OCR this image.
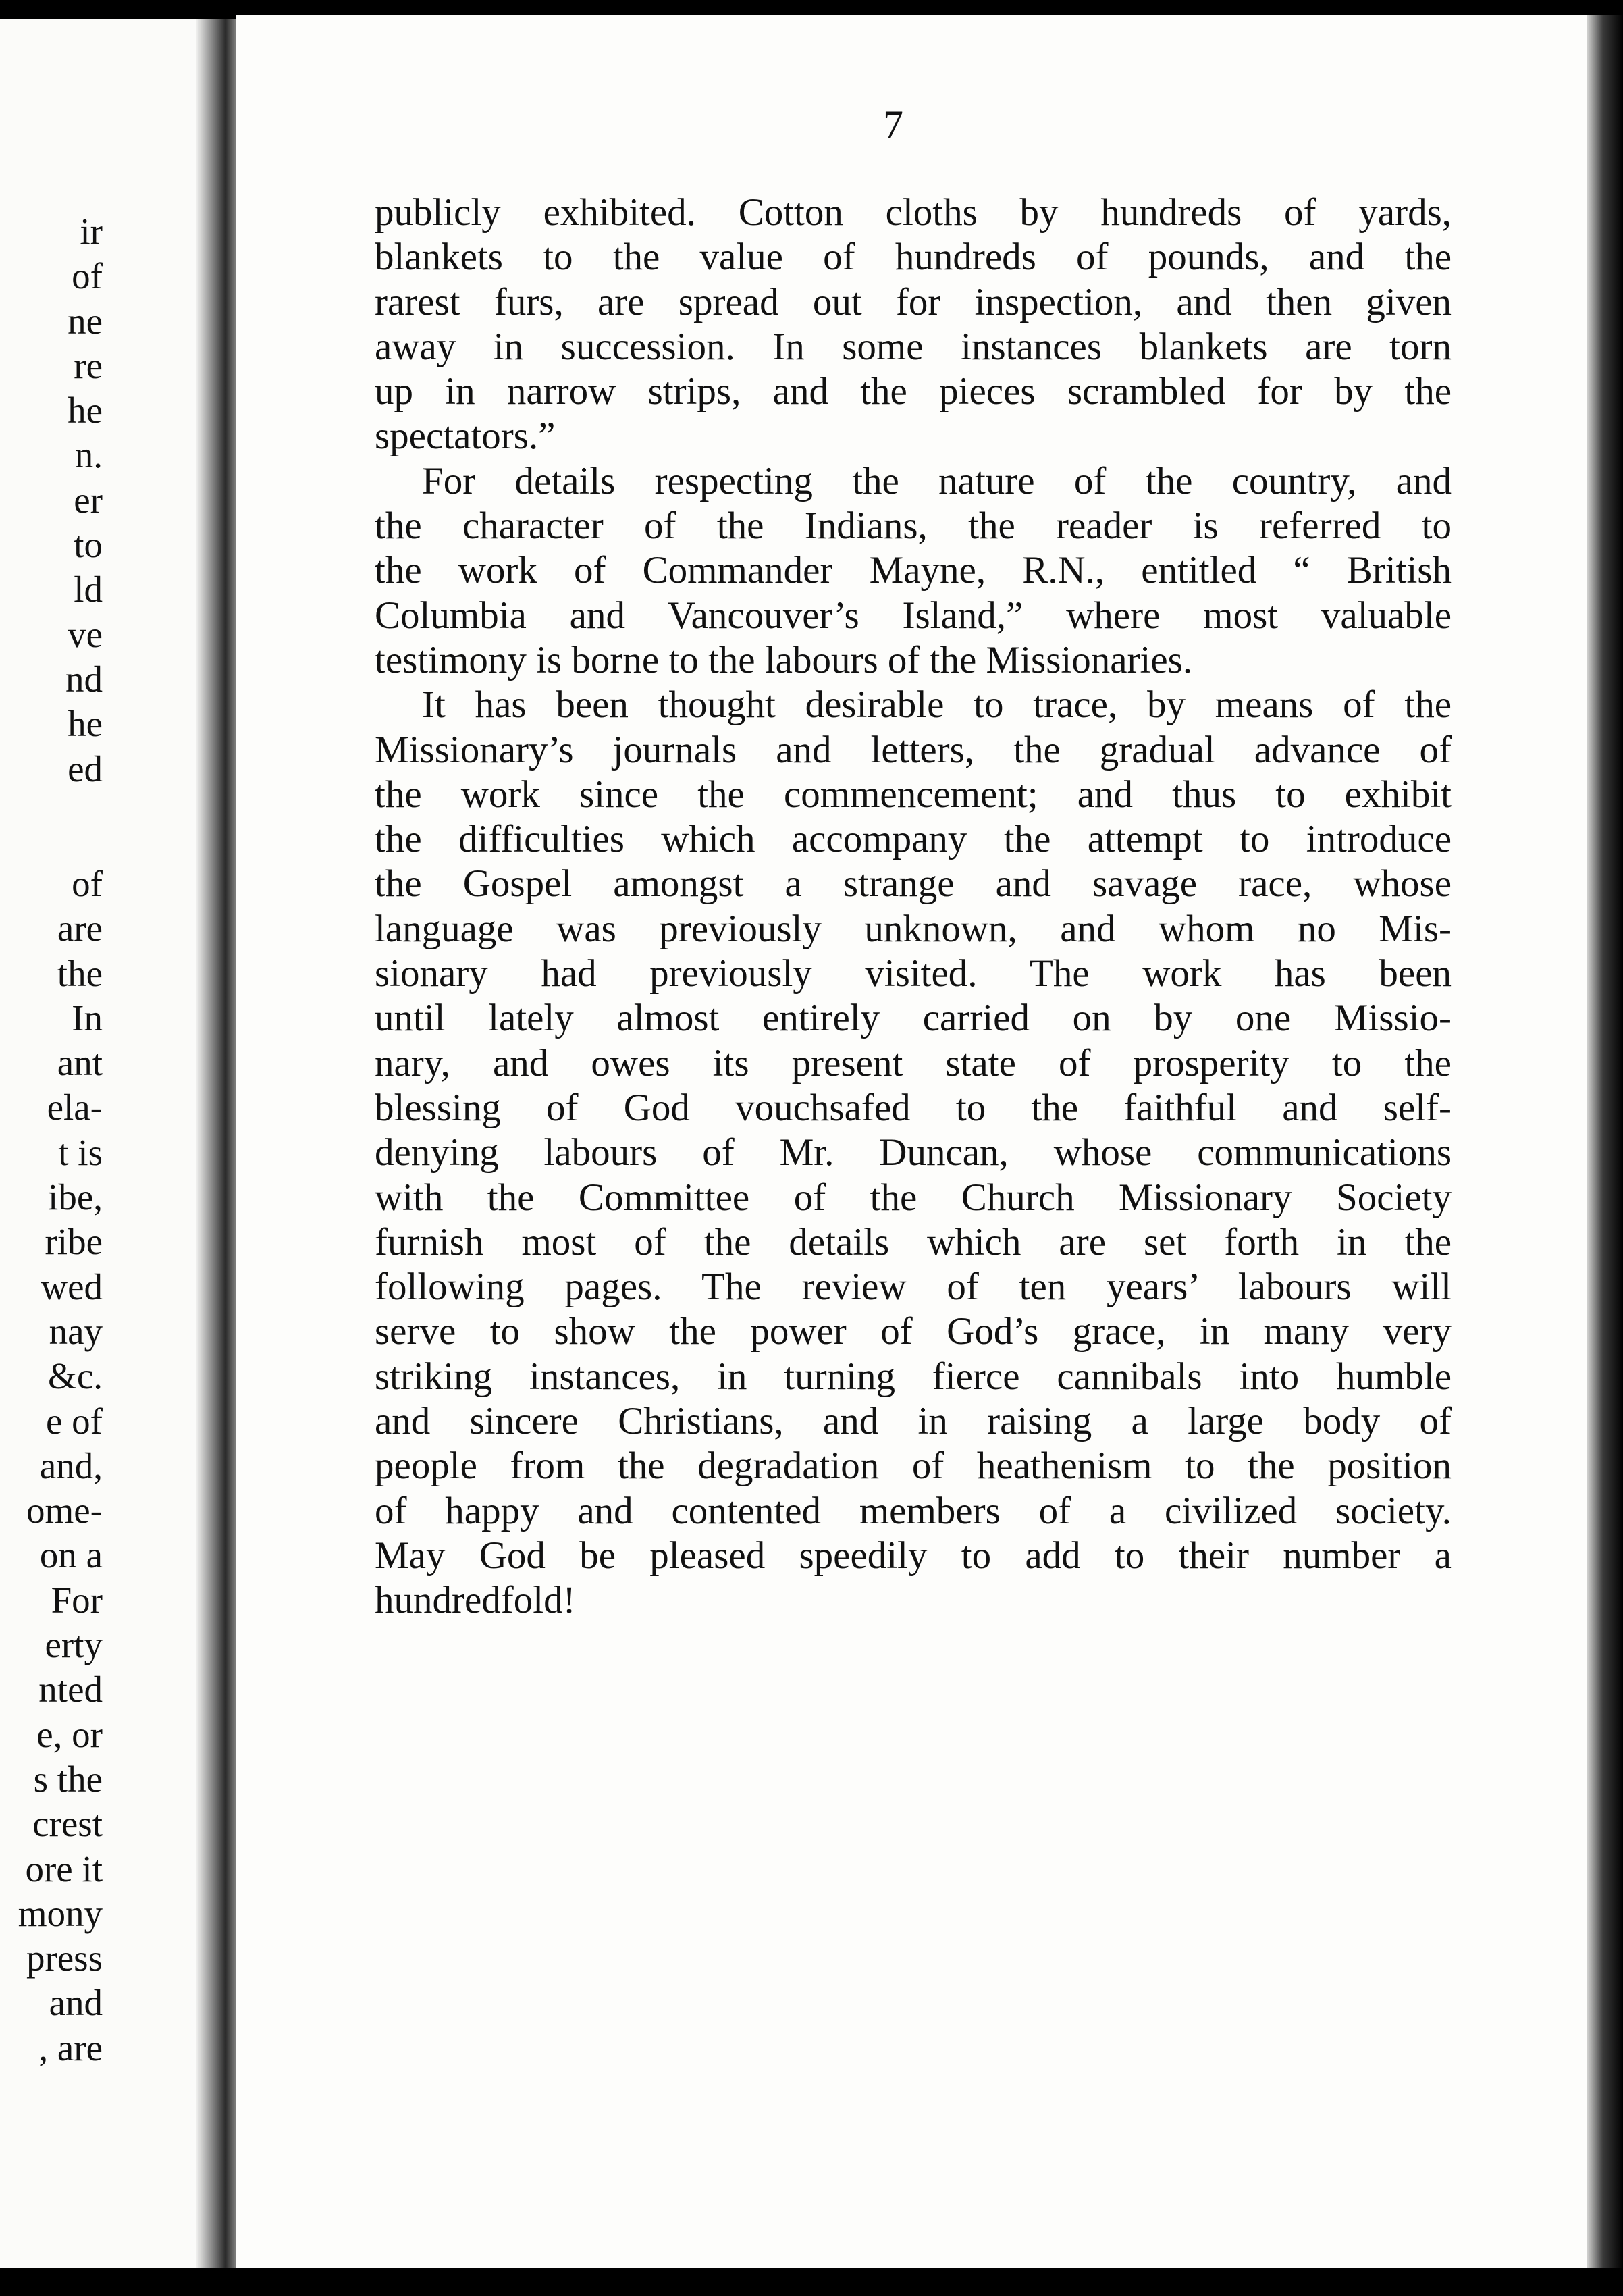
ir
of
ne
re
he
n.
er
to
ld
ve
nd
he
ed
of
are
the
In
ant
ela-
t is
ibe,
ribe
wed
nay
&c.
e of
and,
ome-
on a
For
erty
nted
e, or
s the
crest
ore it
mony
press
and
, are
7
publicly exhibited. Cotton cloths by hundreds of yards,
blankets to the value of hundreds of pounds, and the
rarest furs, are spread out for inspection, and then given
away in succession. In some instances blankets are torn
up in narrow strips, and the pieces scrambled for by the
spectators.”
For details respecting the nature of the country, and
the character of the Indians, the reader is referred to
the work of Commander Mayne, R.N., entitled “ British
Columbia and Vancouver’s Island,” where most valuable
testimony is borne to the labours of the Missionaries.
It has been thought desirable to trace, by means of the
Missionary’s journals and letters, the gradual advance of
the work since the commencement; and thus to exhibit
the difficulties which accompany the attempt to introduce
the Gospel amongst a strange and savage race, whose
language was previously unknown, and whom no Mis-
sionary had previously visited. The work has been
until lately almost entirely carried on by one Missio-
nary, and owes its present state of prosperity to the
blessing of God vouchsafed to the faithful and self-
denying labours of Mr. Duncan, whose communications
with the Committee of the Church Missionary Society
furnish most of the details which are set forth in the
following pages. The review of ten years’ labours will
serve to show the power of God’s grace, in many very
striking instances, in turning fierce cannibals into humble
and sincere Christians, and in raising a large body of
people from the degradation of heathenism to the position
of happy and contented members of a civilized society.
May God be pleased speedily to add to their number a
hundredfold!
